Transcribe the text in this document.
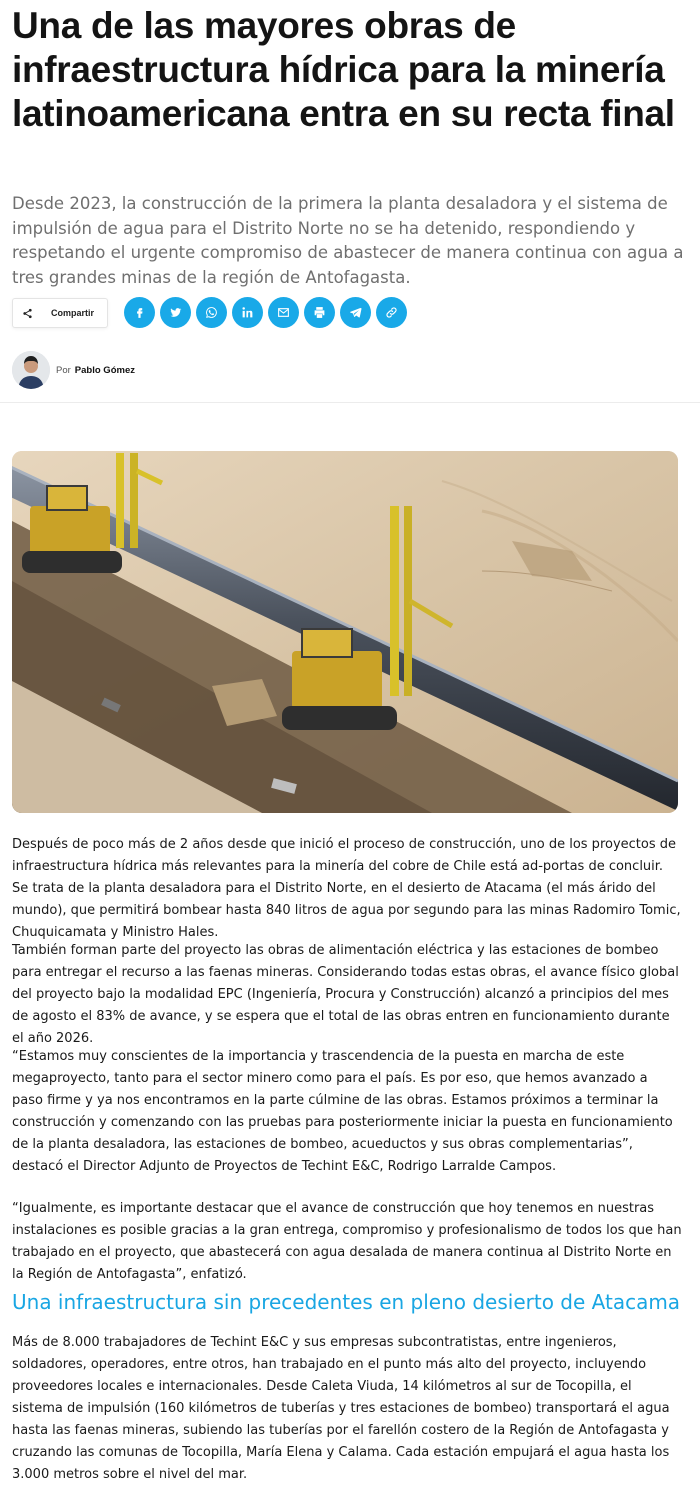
Una de las mayores obras de infraestructura hídrica para la minería latinoamericana entra en su recta final

Desde 2023, la construcción de la primera la planta desaladora y el sistema de impulsión de agua para el Distrito Norte no se ha detenido, respondiendo y respetando el urgente compromiso de abastecer de manera continua con agua a tres grandes minas de la región de Antofagasta.

Compartir
Por Pablo Gómez

Después de poco más de 2 años desde que inició el proceso de construcción, uno de los proyectos de infraestructura hídrica más relevantes para la minería del cobre de Chile está ad-portas de concluir. Se trata de la planta desaladora para el Distrito Norte, en el desierto de Atacama (el más árido del mundo), que permitirá bombear hasta 840 litros de agua por segundo para las minas Radomiro Tomic, Chuquicamata y Ministro Hales.

También forman parte del proyecto las obras de alimentación eléctrica y las estaciones de bombeo para entregar el recurso a las faenas mineras. Considerando todas estas obras, el avance físico global del proyecto bajo la modalidad EPC (Ingeniería, Procura y Construcción) alcanzó a principios del mes de agosto el 83% de avance, y se espera que el total de las obras entren en funcionamiento durante el año 2026.

“Estamos muy conscientes de la importancia y trascendencia de la puesta en marcha de este megaproyecto, tanto para el sector minero como para el país. Es por eso, que hemos avanzado a paso firme y ya nos encontramos en la parte cúlmine de las obras. Estamos próximos a terminar la construcción y comenzando con las pruebas para posteriormente iniciar la puesta en funcionamiento de la planta desaladora, las estaciones de bombeo, acueductos y sus obras complementarias”, destacó el Director Adjunto de Proyectos de Techint E&C, Rodrigo Larralde Campos.

“Igualmente, es importante destacar que el avance de construcción que hoy tenemos en nuestras instalaciones es posible gracias a la gran entrega, compromiso y profesionalismo de todos los que han trabajado en el proyecto, que abastecerá con agua desalada de manera continua al Distrito Norte en la Región de Antofagasta”, enfatizó.

Una infraestructura sin precedentes en pleno desierto de Atacama

Más de 8.000 trabajadores de Techint E&C y sus empresas subcontratistas, entre ingenieros, soldadores, operadores, entre otros, han trabajado en el punto más alto del proyecto, incluyendo proveedores locales e internacionales. Desde Caleta Viuda, 14 kilómetros al sur de Tocopilla, el sistema de impulsión (160 kilómetros de tuberías y tres estaciones de bombeo) transportará el agua hasta las faenas mineras, subiendo las tuberías por el farellón costero de la Región de Antofagasta y cruzando las comunas de Tocopilla, María Elena y Calama. Cada estación empujará el agua hasta los 3.000 metros sobre el nivel del mar.
